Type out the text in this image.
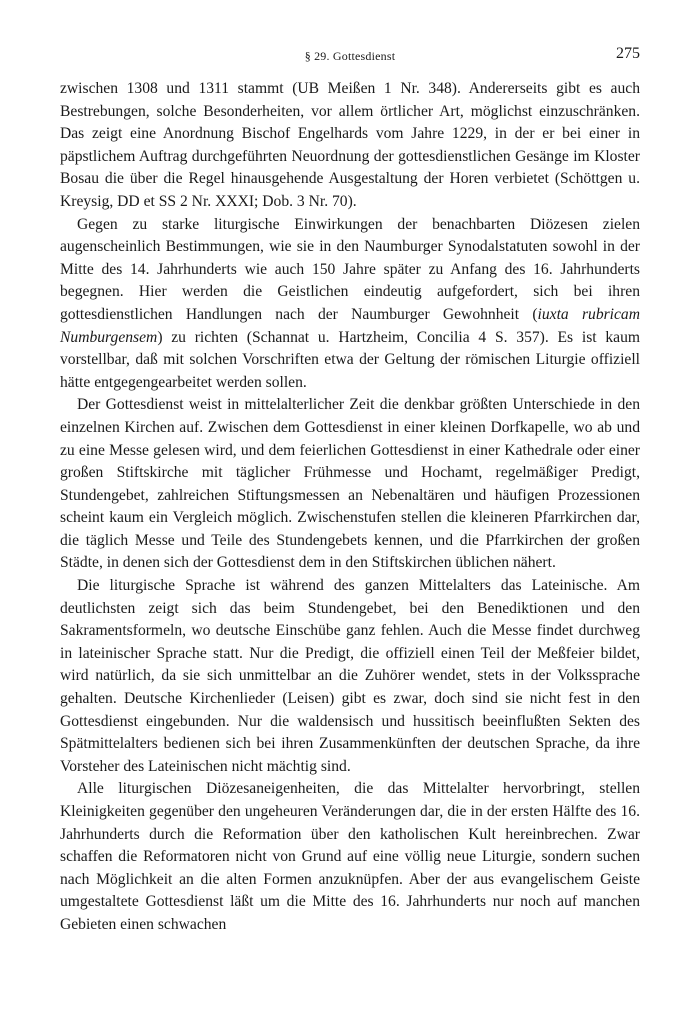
§ 29. Gottesdienst	275

zwischen 1308 und 1311 stammt (UB Meißen 1 Nr. 348). Andererseits gibt es auch Bestrebungen, solche Besonderheiten, vor allem örtlicher Art, möglichst einzuschränken. Das zeigt eine Anordnung Bischof Engelhards vom Jahre 1229, in der er bei einer in päpstlichem Auftrag durchgeführten Neuordnung der gottesdienstlichen Gesänge im Kloster Bosau die über die Regel hinausgehende Ausgestaltung der Horen verbietet (Schöttgen u. Kreysig, DD et SS 2 Nr. XXXI; Dob. 3 Nr. 70).

Gegen zu starke liturgische Einwirkungen der benachbarten Diözesen zielen augenscheinlich Bestimmungen, wie sie in den Naumburger Synodalstatuten sowohl in der Mitte des 14. Jahrhunderts wie auch 150 Jahre später zu Anfang des 16. Jahrhunderts begegnen. Hier werden die Geistlichen eindeutig aufgefordert, sich bei ihren gottesdienstlichen Handlungen nach der Naumburger Gewohnheit (iuxta rubricam Numburgensem) zu richten (Schannat u. Hartzheim, Concilia 4 S. 357). Es ist kaum vorstellbar, daß mit solchen Vorschriften etwa der Geltung der römischen Liturgie offiziell hätte entgegengearbeitet werden sollen.

Der Gottesdienst weist in mittelalterlicher Zeit die denkbar größten Unterschiede in den einzelnen Kirchen auf. Zwischen dem Gottesdienst in einer kleinen Dorfkapelle, wo ab und zu eine Messe gelesen wird, und dem feierlichen Gottesdienst in einer Kathedrale oder einer großen Stiftskirche mit täglicher Frühmesse und Hochamt, regelmäßiger Predigt, Stundengebet, zahlreichen Stiftungsmessen an Nebenaltären und häufigen Prozessionen scheint kaum ein Vergleich möglich. Zwischenstufen stellen die kleineren Pfarrkirchen dar, die täglich Messe und Teile des Stundengebets kennen, und die Pfarrkirchen der großen Städte, in denen sich der Gottesdienst dem in den Stiftskirchen üblichen nähert.

Die liturgische Sprache ist während des ganzen Mittelalters das Lateinische. Am deutlichsten zeigt sich das beim Stundengebet, bei den Benediktionen und den Sakramentsformeln, wo deutsche Einschübe ganz fehlen. Auch die Messe findet durchweg in lateinischer Sprache statt. Nur die Predigt, die offiziell einen Teil der Meßfeier bildet, wird natürlich, da sie sich unmittelbar an die Zuhörer wendet, stets in der Volkssprache gehalten. Deutsche Kirchenlieder (Leisen) gibt es zwar, doch sind sie nicht fest in den Gottesdienst eingebunden. Nur die waldensisch und hussitisch beeinflußten Sekten des Spätmittelalters bedienen sich bei ihren Zusammenkünften der deutschen Sprache, da ihre Vorsteher des Lateinischen nicht mächtig sind.

Alle liturgischen Diözesaneigenheiten, die das Mittelalter hervorbringt, stellen Kleinigkeiten gegenüber den ungeheuren Veränderungen dar, die in der ersten Hälfte des 16. Jahrhunderts durch die Reformation über den katholischen Kult hereinbrechen. Zwar schaffen die Reformatoren nicht von Grund auf eine völlig neue Liturgie, sondern suchen nach Möglichkeit an die alten Formen anzuknüpfen. Aber der aus evangelischem Geiste umgestaltete Gottesdienst läßt um die Mitte des 16. Jahrhunderts nur noch auf manchen Gebieten einen schwachen
